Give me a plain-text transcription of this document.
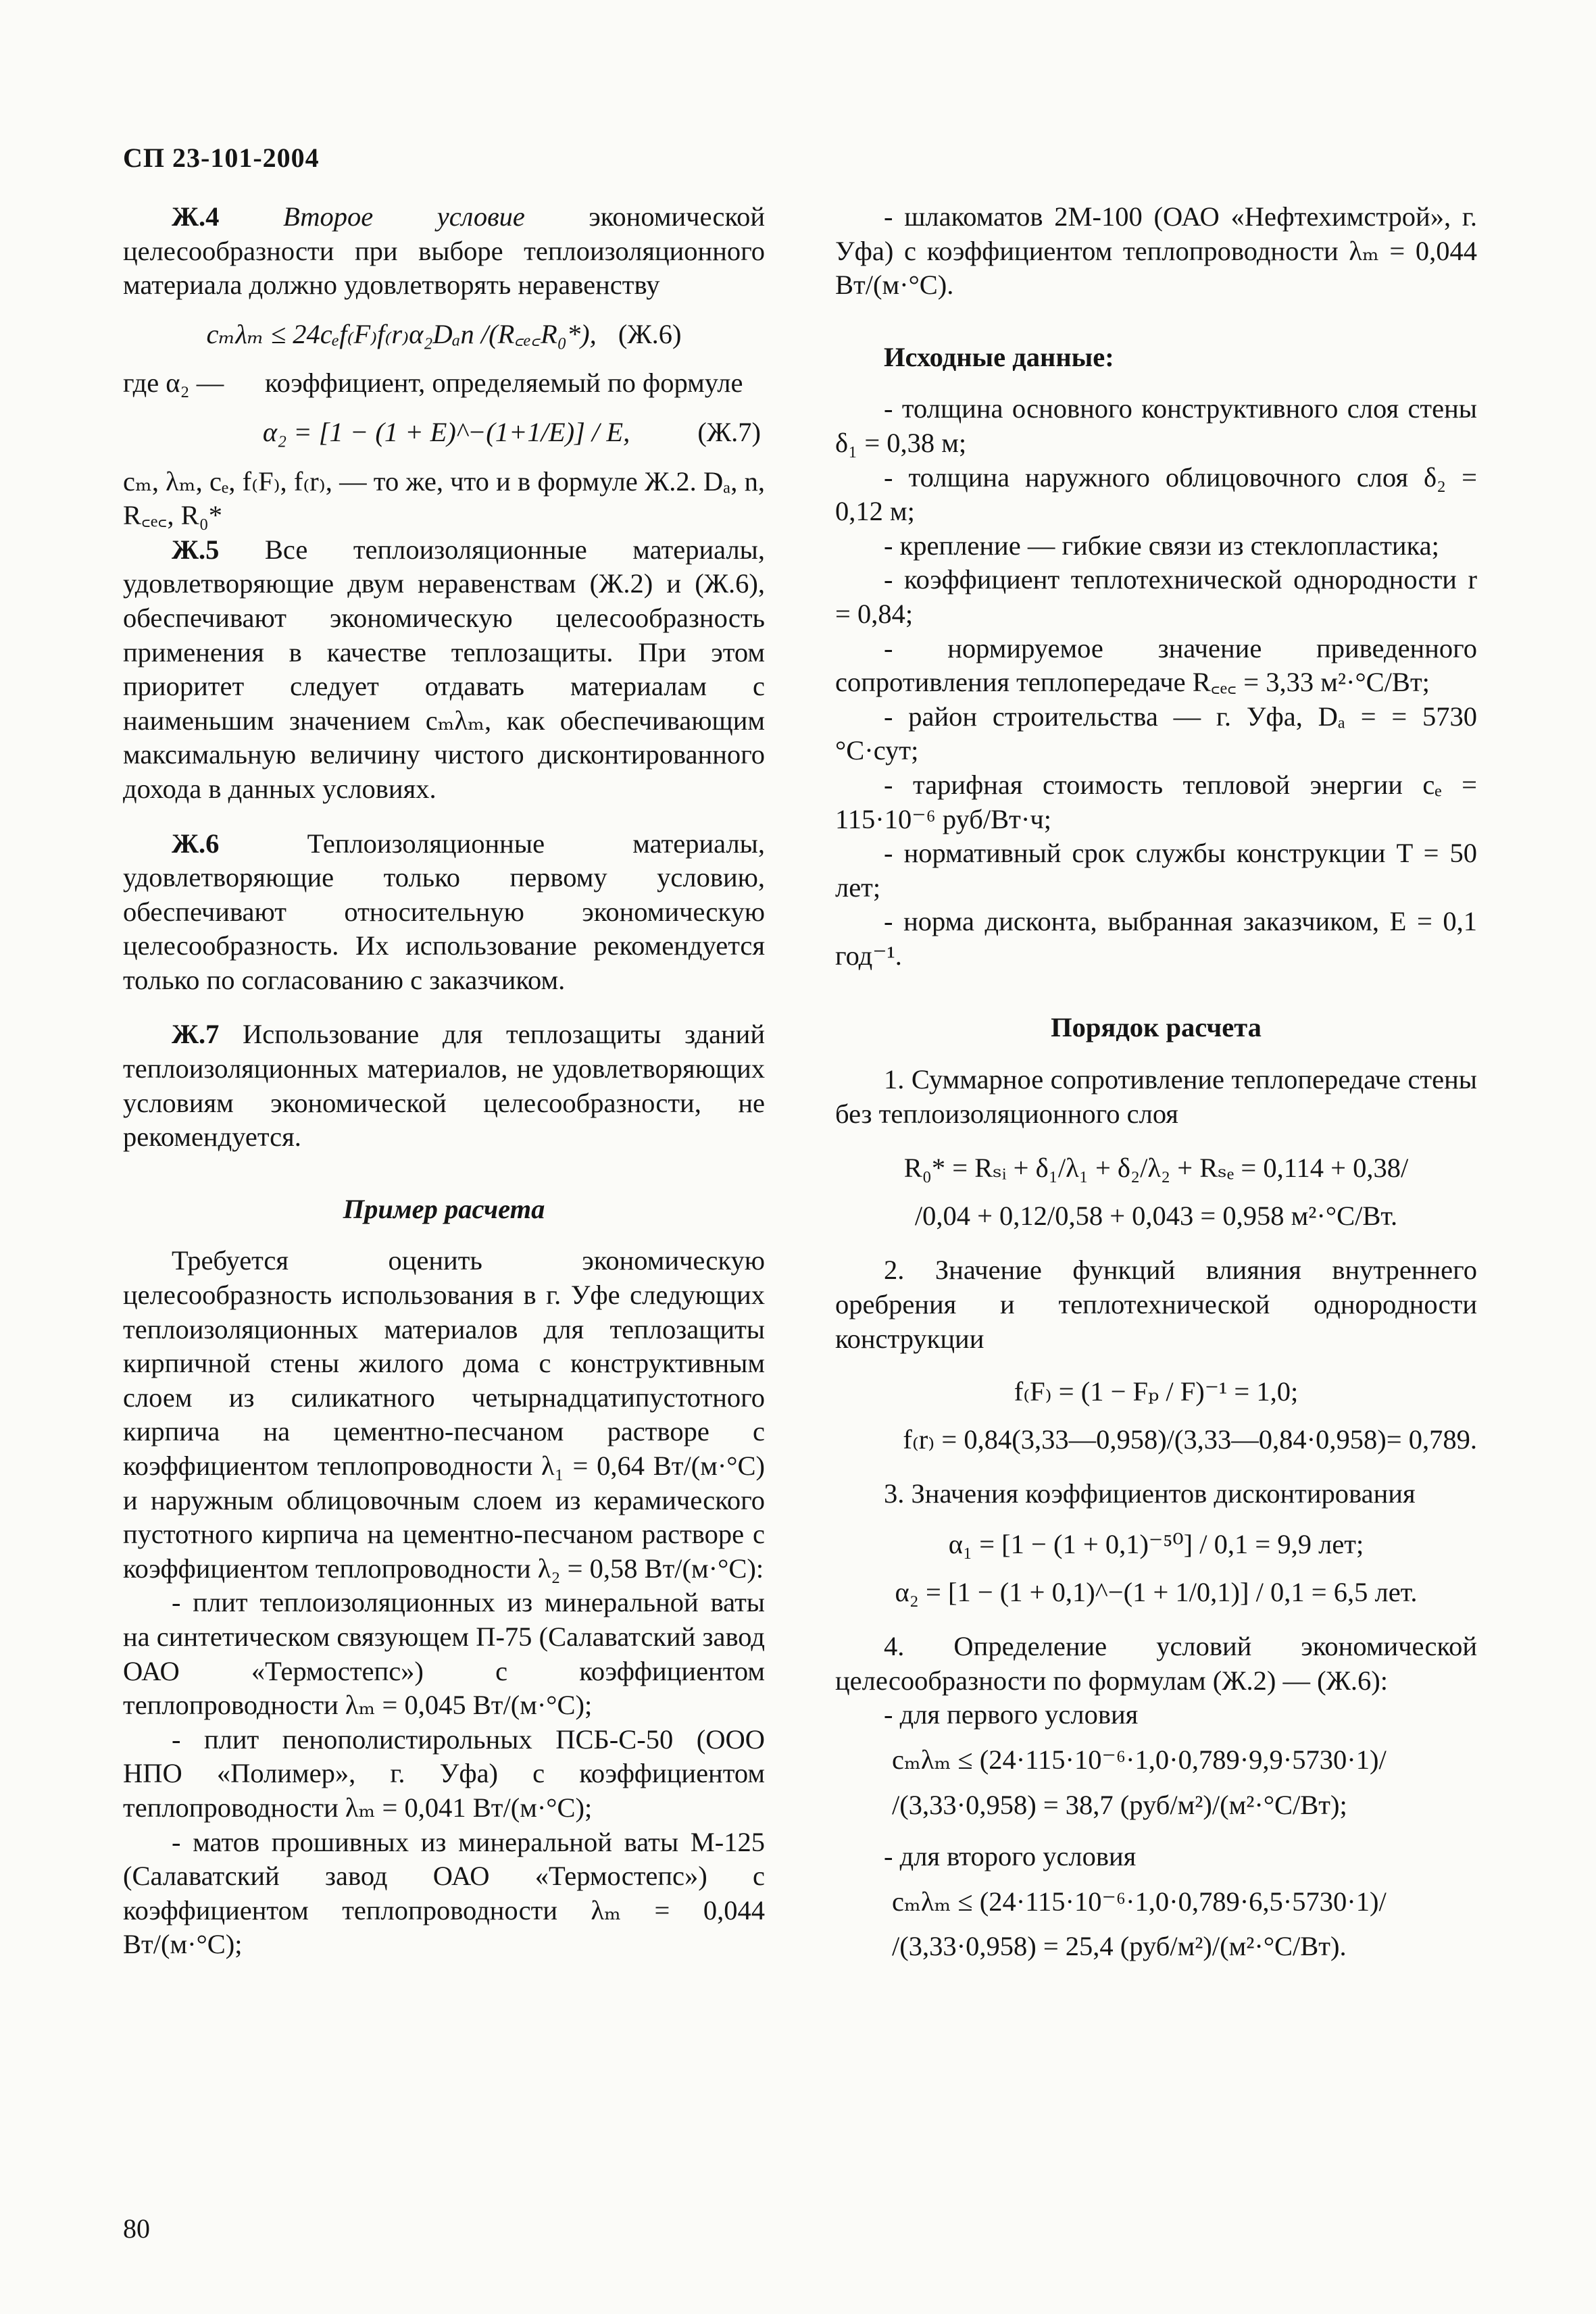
СП 23-101-2004

Ж.4 Второе условие экономической целесообразности при выборе теплоизоляционного материала должно удовлетворять неравенству

cₘλₘ ≤ 24cₑf₍F₎f₍r₎α₂Dₐn /(R꜀ₑ꜀R₀*), (Ж.6)
где α₂ —	коэффициент, определяемый по формуле
α₂ = [1 − (1 + E)^−(1+1/E)] / E, (Ж.7)

cₘ, λₘ, cₑ, f₍F₎, f₍r₎, — то же, что и в формуле Ж.2. Dₐ, n, R꜀ₑ꜀, R₀*

Ж.5 Все теплоизоляционные материалы, удовлетворяющие двум неравенствам (Ж.2) и (Ж.6), обеспечивают экономическую целесообразность применения в качестве теплозащиты. При этом приоритет следует отдавать материалам с наименьшим значением cₘλₘ, как обеспечивающим максимальную величину чистого дисконтированного дохода в данных условиях.

Ж.6 Теплоизоляционные материалы, удовлетворяющие только первому условию, обеспечивают относительную экономическую целесообразность. Их использование рекомендуется только по согласованию с заказчиком.

Ж.7 Использование для теплозащиты зданий теплоизоляционных материалов, не удовлетворяющих условиям экономической целесообразности, не рекомендуется.

Пример расчета

Требуется оценить экономическую целесообразность использования в г. Уфе следующих теплоизоляционных материалов для теплозащиты кирпичной стены жилого дома с конструктивным слоем из силикатного четырнадцатипустотного кирпича на цементно-песчаном растворе с коэффициентом теплопроводности λ₁ = 0,64 Вт/(м·°С) и наружным облицовочным слоем из керамического пустотного кирпича на цементно-песчаном растворе с коэффициентом теплопроводности λ₂ = 0,58 Вт/(м·°С):

- плит теплоизоляционных из минеральной ваты на синтетическом связующем П-75 (Салаватский завод ОАО «Термостепс») с коэффициентом теплопроводности λₘ = 0,045 Вт/(м·°С);

- плит пенополистирольных ПСБ-С-50 (ООО НПО «Полимер», г. Уфа) с коэффициентом теплопроводности λₘ = 0,041 Вт/(м·°С);

- матов прошивных из минеральной ваты М-125 (Салаватский завод ОАО «Термостепс») с коэффициентом теплопроводности λₘ = 0,044 Вт/(м·°С);

- шлакоматов 2М-100 (ОАО «Нефтехимстрой», г. Уфа) с коэффициентом теплопроводности λₘ = 0,044 Вт/(м·°С).

Исходные данные:

- толщина основного конструктивного слоя стены δ₁ = 0,38 м;

- толщина наружного облицовочного слоя δ₂ = 0,12 м;

- крепление — гибкие связи из стеклопластика;

- коэффициент теплотехнической однородности r = 0,84;

- нормируемое значение приведенного сопротивления теплопередаче R꜀ₑ꜀ = 3,33 м²·°С/Вт;

- район строительства — г. Уфа, Dₐ = = 5730 °С·сут;

- тарифная стоимость тепловой энергии cₑ = 115·10⁻⁶ руб/Вт·ч;

- нормативный срок службы конструкции T = 50 лет;

- норма дисконта, выбранная заказчиком, E = 0,1 год⁻¹.

Порядок расчета

1. Суммарное сопротивление теплопередаче стены без теплоизоляционного слоя

R₀* = Rₛᵢ + δ₁/λ₁ + δ₂/λ₂ + Rₛₑ = 0,114 + 0,38/
/0,04 + 0,12/0,58 + 0,043 = 0,958 м²·°С/Вт.

2. Значение функций влияния внутреннего оребрения и теплотехнической однородности конструкции

f₍F₎ = (1 − Fₚ / F)⁻¹ = 1,0;
f₍r₎ = 0,84(3,33—0,958)/(3,33—0,84·0,958)= 0,789.

3. Значения коэффициентов дисконтирования

α₁ = [1 − (1 + 0,1)⁻⁵⁰] / 0,1 = 9,9 лет;
α₂ = [1 − (1 + 0,1)^−(1 + 1/0,1)] / 0,1 = 6,5 лет.

4. Определение условий экономической целесообразности по формулам (Ж.2) — (Ж.6):

- для первого условия

cₘλₘ ≤ (24·115·10⁻⁶·1,0·0,789·9,9·5730·1)/
/(3,33·0,958) = 38,7 (руб/м²)/(м²·°С/Вт);

- для второго условия

cₘλₘ ≤ (24·115·10⁻⁶·1,0·0,789·6,5·5730·1)/
/(3,33·0,958) = 25,4 (руб/м²)/(м²·°С/Вт).
80
